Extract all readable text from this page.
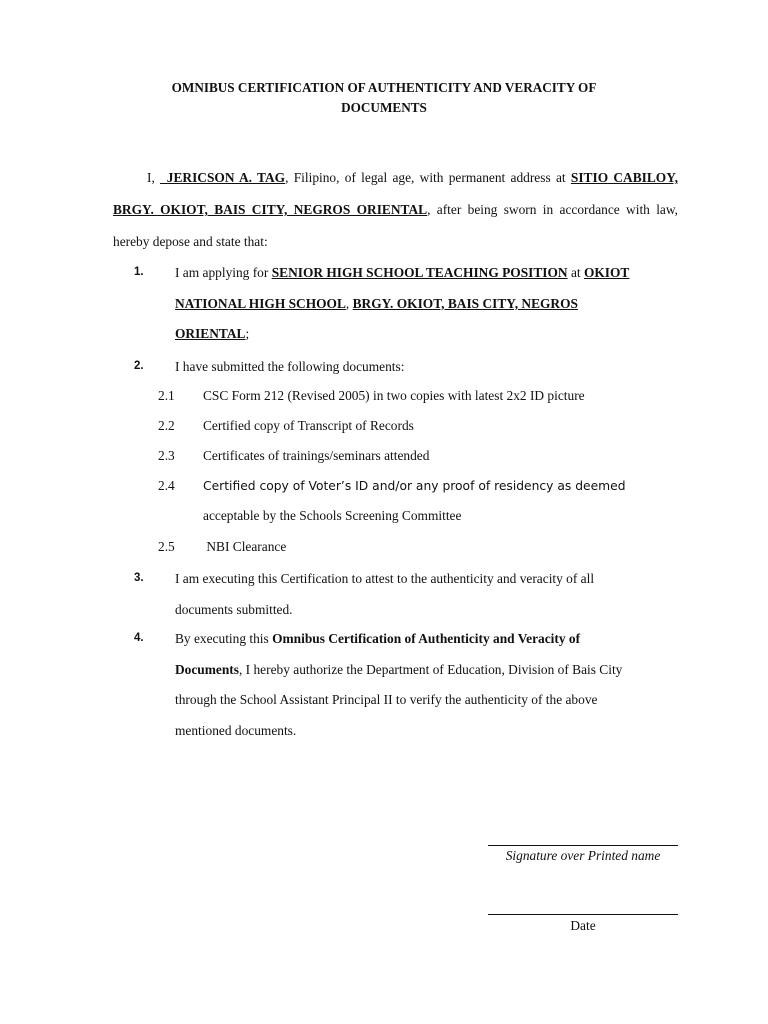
OMNIBUS CERTIFICATION OF AUTHENTICITY AND VERACITY OF
DOCUMENTS
I, _JERICSON A. TAG, Filipino, of legal age, with permanent address at SITIO CABILOY, BRGY. OKIOT, BAIS CITY, NEGROS ORIENTAL, after being sworn in accordance with law, hereby depose and state that:
1. I am applying for SENIOR HIGH SCHOOL TEACHING POSITION at OKIOT NATIONAL HIGH SCHOOL, BRGY. OKIOT, BAIS CITY, NEGROS ORIENTAL;
2. I have submitted the following documents:
2.1 CSC Form 212 (Revised 2005) in two copies with latest 2x2 ID picture
2.2 Certified copy of Transcript of Records
2.3 Certificates of trainings/seminars attended
2.4 Certified copy of Voter’s ID and/or any proof of residency as deemed
acceptable by the Schools Screening Committee
2.5 NBI Clearance
3. I am executing this Certification to attest to the authenticity and veracity of all documents submitted.
4. By executing this Omnibus Certification of Authenticity and Veracity of Documents, I hereby authorize the Department of Education, Division of Bais City through the School Assistant Principal II to verify the authenticity of the above mentioned documents.
Signature over Printed name
Date
